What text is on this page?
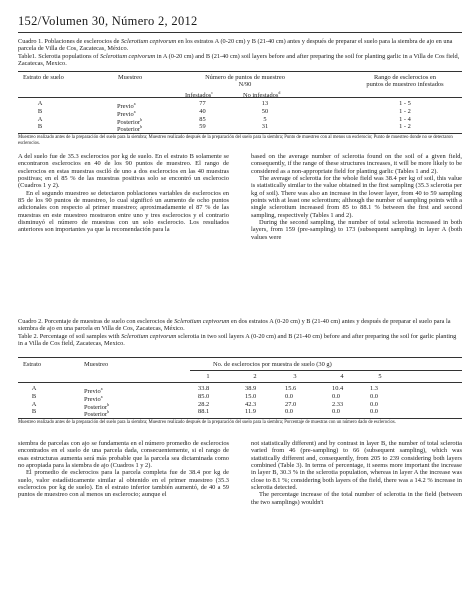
152/Volumen 30, Número 2, 2012
Cuadro 1. Poblaciones de esclerocios de Sclerotium cepivorum en los estratos A (0-20 cm) y B (21-40 cm) antes y después de preparar el suelo para la siembra de ajo en una parcela de Villa de Cos, Zacatecas, México.
Table1. Sclerotia populations of Sclerotium cepivorum in A (0-20 cm) and B (21-40 cm) soil layers before and after preparing the soil for planting garlic in a Villa de Cos field, Zacatecas, Mexico.
Estrato de suelo	Muestreo	Número de puntos de muestreo
N/90
Rango de esclerocios en
puntos de muestreo infestados
Infestados$^c$	No infestados$^d$
A	Previo$^a$	77	13	1 - 5
B	Previo$^a$	40	50	1 - 2
A	Posterior$^b$	85	5	1 - 4
B	Posterior$^b$	59	31	1 - 2
Muestreo realizado antes de la preparación del suelo para la siembra; Muestreo realizado después de la preparación del suelo para la siembra; Punto de muestreo con al menos un esclerocio; Punto de muestreo donde no se detectaron esclerocios.

A del suelo fue de 35.3 esclerocios por kg de suelo. En el estrato B solamente se encontraron esclerocios en 40 de los 90 puntos de muestreo. El rango de esclerocios en estas muestras osciló de uno a dos esclerocios en las 40 muestras positivas; en el 85 % de las muestras positivas solo se encontró un esclerocio (Cuadros 1 y 2).

En el segundo muestreo se detectaron poblaciones variables de esclerocios en 85 de los 90 puntos de muestreo, lo cual significó un aumento de ocho puntos adicionales con respecto al primer muestreo; aproximadamente el 87 % de las muestras en este muestreo mostraron entre uno y tres esclerocios y el contrario disminuyó el número de muestras con un solo esclerocio. Los resultados anteriores son importantes ya que la recomendación para la

based on the average number of sclerotia found on the soil of a given field, consequently, if the range of these structures increases, it will be more likely to be considered as a non-appropriate field for planting garlic (Tables 1 and 2).

The average of sclerotia for the whole field was 38.4 per kg of soil, this value is statistically similar to the value obtained in the first sampling (35.3 sclerotia per kg of soil). There was also an increase in the lower layer, from 40 to 59 sampling points with at least one sclerotium; although the number of sampling points with a single sclerotium increased from 85 to 88.1 % between the first and second sampling, respectively (Tables 1 and 2).

During the second sampling, the number of total sclerotia increased in both layers, from 159 (pre-sampling) to 173 (subsequent sampling) in layer A (both values were

Cuadro 2. Porcentaje de muestras de suelo con esclerocios de Sclerotium cepivorum en dos estratos A (0-20 cm) y B (21-40 cm) antes y después de preparar el suelo para la siembra de ajo en una parcela en Villa de Cos, Zacatecas, México.
Table 2. Percentage of soil samples with Sclerotium cepivorum sclerotia in two soil layers A (0-20 cm) and B (21-40 cm) before and after preparing the soil for garlic planting in a Villa de Cos field, Zacatecas, Mexico.
Estrato	Muestreo	No. de esclerocios por muestra de suelo (30 g)
1	2	3	4	5
A	Previo$^a$	33.8	38.9	15.6	10.4	1.3
B	Previo$^a$	85.0	15.0	0.0	0.0	0.0
A	Posterior$^b$	28.2	42.3	27.0	2.33	0.0
B	Posterior$^b$	88.1	11.9	0.0	0.0	0.0
Muestreo realizado antes de la preparación del suelo para la siembra; Muestreo realizado después de la preparación del suelo para la siembra; Porcentaje de muestras con un número dado de esclerocios.

siembra de parcelas con ajo se fundamenta en el número promedio de esclerocios encontrados en el suelo de una parcela dada, consecuentemente, si el rango de esas estructuras aumenta será más probable que la parcela sea dictaminada como no apropiada para la siembra de ajo (Cuadros 1 y 2).

El promedio de esclerocios para la parcela completa fue de 38.4 por kg de suelo, valor estadísticamente similar al obtenido en el primer muestreo (35.3 esclerocios por kg de suelo). En el estrato inferior también aumentó, de 40 a 59 puntos de muestreo con al menos un esclerocio; aunque el

not statistically different) and by contrast in layer B, the number of total sclerotia varied from 46 (pre-sampling) to 66 (subsequent sampling), which was statistically different and, consequently, from 205 to 239 considering both layers combined (Table 3). In terms of percentage, it seems more important the increase in layer B, 30.3 % in the sclerotia population, whereas in layer A the increase was close to 8.1 %; considering both layers of the field, there was a 14.2 % increase in sclerotia detected.

The percentage increase of the total number of sclerotia in the field (between the two samplings) wouldn't
